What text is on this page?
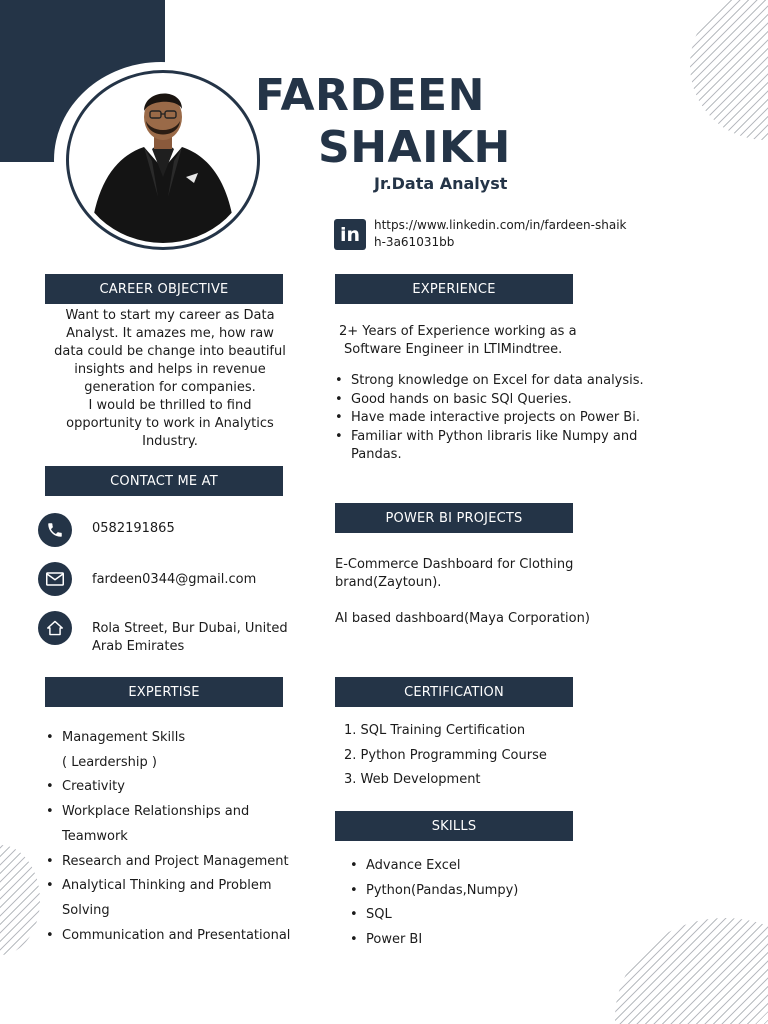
FARDEEN
SHAIKH
Jr.Data Analyst
in	https://www.linkedin.com/in/fardeen-shaikh-3a61031bb
CAREER OBJECTIVE
Want to start my career as Data
Analyst. It amazes me, how raw
data could be change into beautiful
insights and helps in revenue
generation for companies.
I would be thrilled to find
opportunity to work in Analytics
Industry.
EXPERIENCE
2+ Years of Experience working as a
Software Engineer in LTIMindtree.
• Strong knowledge on Excel for data analysis.
• Good hands on basic SQl Queries.
• Have made interactive projects on Power Bi.
• Familiar with Python libraris like Numpy and Pandas.
CONTACT ME AT
0582191865
fardeen0344@gmail.com
Rola Street, Bur Dubai, United
Arab Emirates
POWER BI PROJECTS
E-Commerce Dashboard for Clothing
brand(Zaytoun).
AI based dashboard(Maya Corporation)
EXPERTISE
• Management Skills
( Leardership )
• Creativity
• Workplace Relationships and
Teamwork
• Research and Project Management
• Analytical Thinking and Problem
Solving
• Communication and Presentational
CERTIFICATION
1. SQL Training Certification
2. Python Programming Course
3. Web Development
SKILLS
• Advance Excel
• Python(Pandas,Numpy)
• SQL
• Power BI
